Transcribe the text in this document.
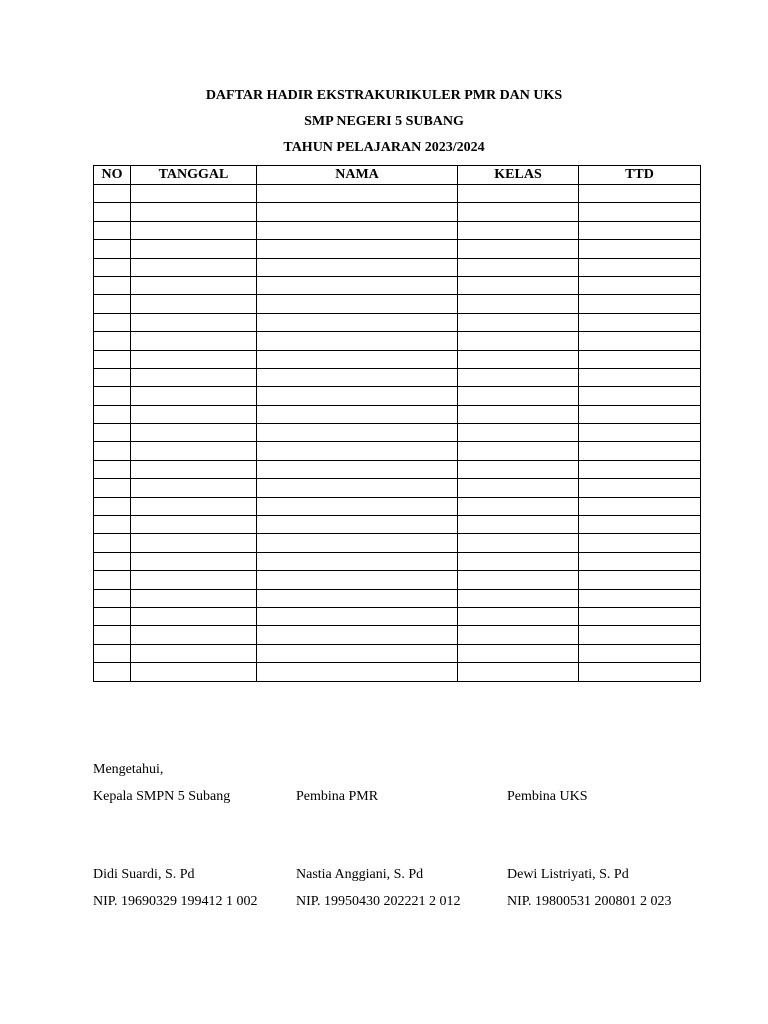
DAFTAR HADIR EKSTRAKURIKULER PMR DAN UKS
SMP NEGERI 5 SUBANG
TAHUN PELAJARAN 2023/2024
NO	TANGGAL	NAMA	KELAS	TTD

Mengetahui,
Kepala SMPN 5 Subang	Pembina PMR	Pembina UKS
Didi Suardi, S. Pd	Nastia Anggiani, S. Pd	Dewi Listriyati, S. Pd
NIP. 19690329 199412 1 002	NIP. 19950430 202221 2 012	NIP. 19800531 200801 2 023
